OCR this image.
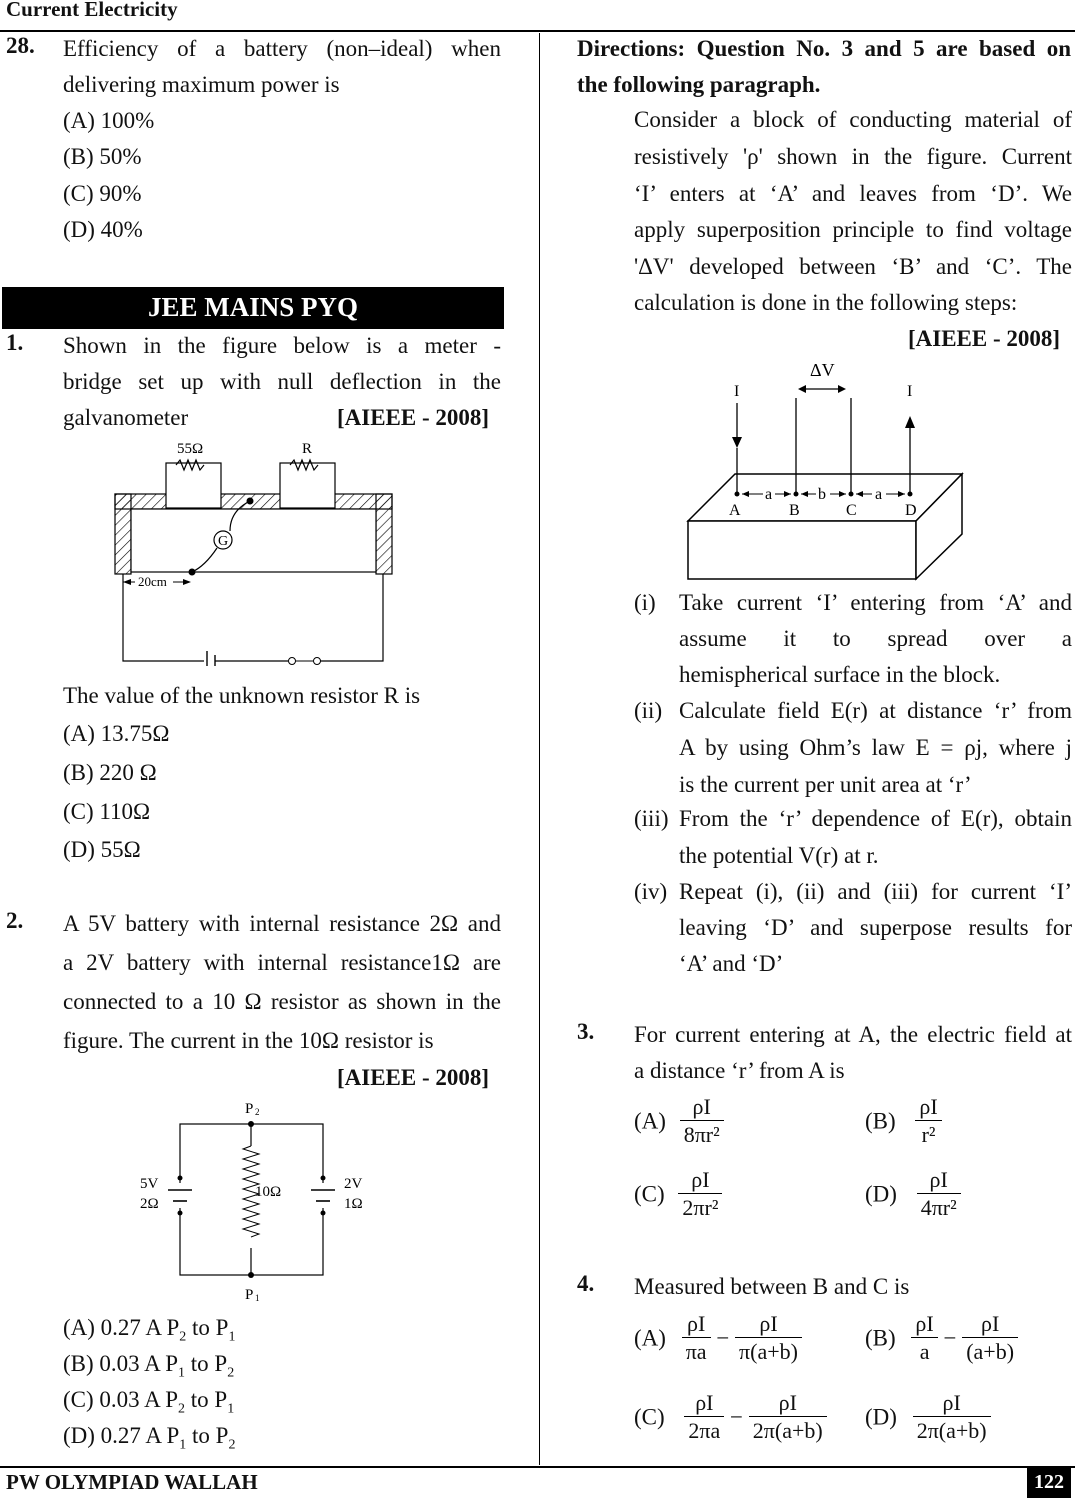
Current Electricity
28. Efficiency of a battery (non–ideal) when
delivering maximum power is
(A) 100%
(B) 50%
(C) 90%
(D) 40%
JEE MAINS PYQ
1. Shown in the figure below is a meter -
bridge set up with null deflection in the
galvanometer	[AIEEE - 2008]
55Ω	R
G
20cm
The value of the unknown resistor R is
(A) 13.75Ω
(B) 220 Ω
(C) 110Ω
(D) 55Ω
2. A 5V battery with internal resistance 2Ω and
a 2V battery with internal resistance1Ω are
connected to a 10 Ω resistor as shown in the
figure. The current in the 10Ω resistor is
[AIEEE - 2008]
P 2
P 1
10Ω
5V
2Ω
2V
1Ω
(A) 0.27 A $P_2$ to $P_1$
(B) 0.03 A $P_1$ to $P_2$
(C) 0.03 A $P_2$ to $P_1$
(D) 0.27 A $P_1$ to $P_2$
Directions: Question No. 3 and 5 are based on
the following paragraph.
Consider a block of conducting material of
resistively 'ρ' shown in the figure. Current
‘I’ enters at ‘A’ and leaves from ‘D’. We
apply superposition principle to find voltage
'ΔV' developed between ‘B’ and ‘C’. The
calculation is done in the following steps:
[AIEEE - 2008]
ΔV
I	I
a	b	a
A	B	C	D
(i) Take current ‘I’ entering from ‘A’ and
assume it to spread over a
hemispherical surface in the block.
(ii) Calculate field E(r) at distance ‘r’ from
A by using Ohm’s law E = ρj, where j
is the current per unit area at ‘r’
(iii) From the ‘r’ dependence of E(r), obtain
the potential V(r) at r.
(iv) Repeat (i), (ii) and (iii) for current ‘I’
leaving ‘D’ and superpose results for
‘A’ and ‘D’
3. For current entering at A, the electric field at
a distance ‘r’ from A is
$(A) \frac{\rho I}{\text{8πr²}}$	$(B) \frac{\rho I}{\text{r²}}$
$(C) \frac{\rho I}{\text{2πr²}}$	$(D) \frac{\rho I}{\text{4πr²}}$
4. Measured between B and C is
$(A) \frac{\rho I}{\pi a} - \frac{\rho I}{\pi(a+b)}$	$(B) \frac{\rho I}{a} - \frac{\rho I}{(a+b)}$
$(C) \frac{\rho I}{2\pi a} - \frac{\rho I}{2\pi(a+b)} (D) \frac{\rho I}{2\pi(a+b)}$
PW OLYMPIAD WALLAH	122
